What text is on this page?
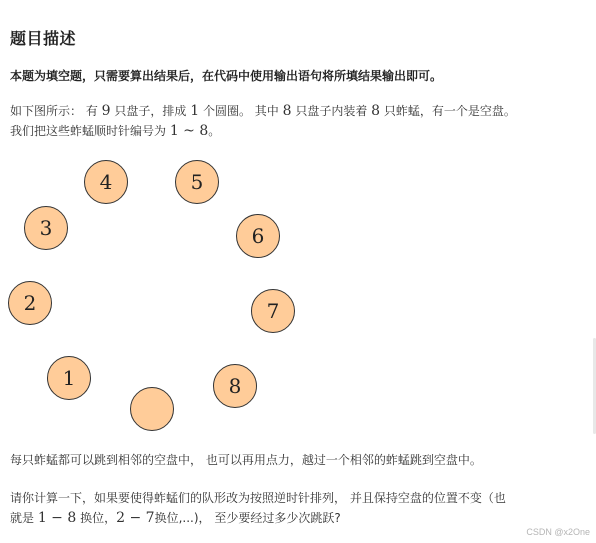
题目描述

本题为填空题，只需要算出结果后，在代码中使用输出语句将所填结果输出即可。

如下图所示： 有 9 只盘子，排成 1 个圆圈。 其中 8 只盘子内装着 8 只蚱蜢，有一个是空盘。
我们把这些蚱蜢顺时针编号为 1 ~ 8。

4	5
3	6
2	7
1	8

每只蚱蜢都可以跳到相邻的空盘中， 也可以再用点力，越过一个相邻的蚱蜢跳到空盘中。

请你计算一下，如果要使得蚱蜢们的队形改为按照逆时针排列， 并且保持空盘的位置不变（也
就是 1 − 8 换位，2 − 7换位,...)， 至少要经过多少次跳跃?

CSDN @x2One
